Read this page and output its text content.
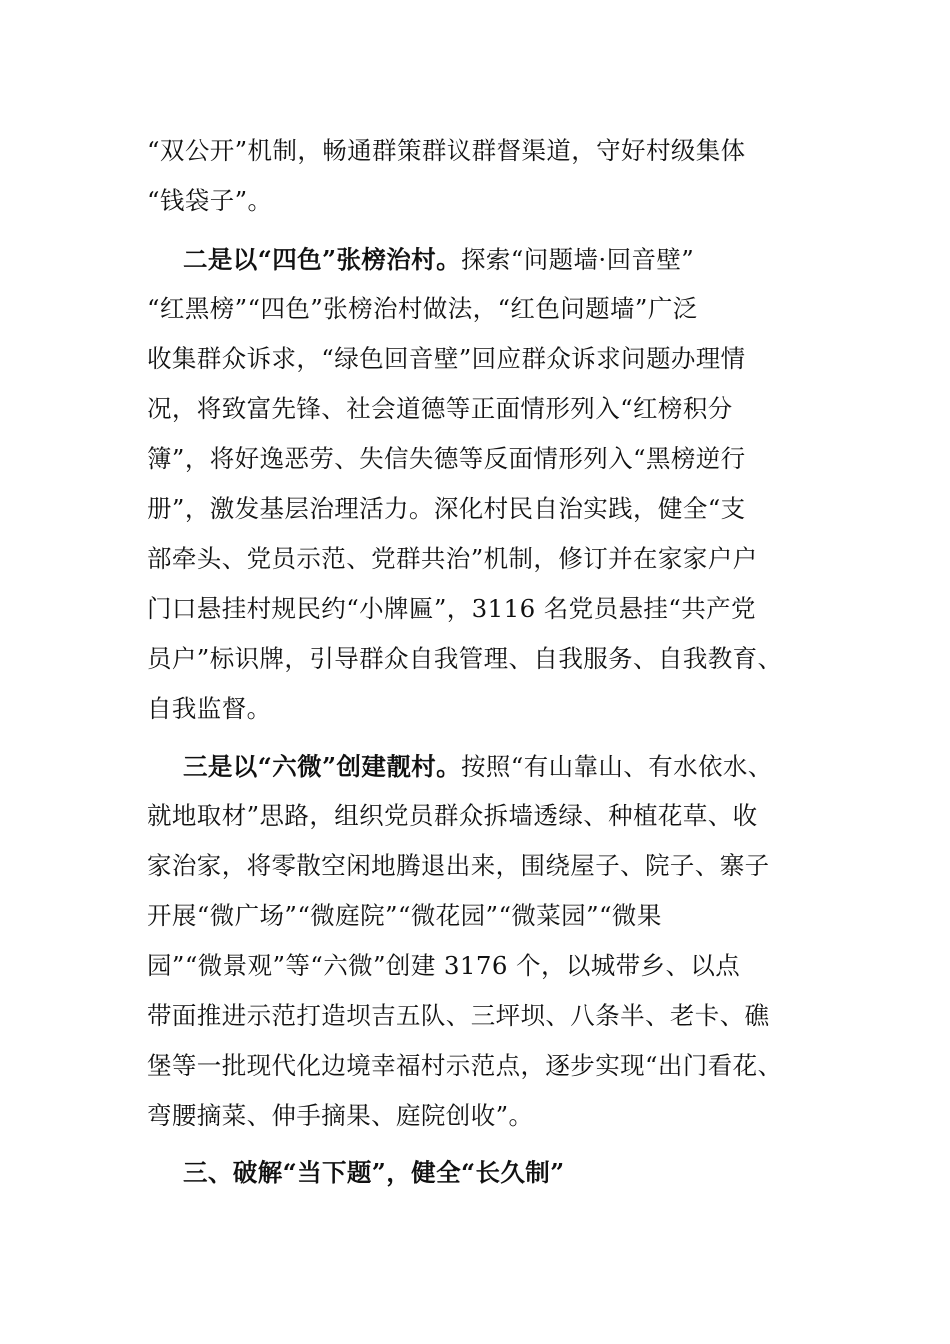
“双公开”机制，畅通群策群议群督渠道，守好村级集体
“钱袋子”。
二是以“四色”张榜治村。探索“问题墙·回音壁”
“红黑榜”“四色”张榜治村做法，“红色问题墙”广泛
收集群众诉求，“绿色回音壁”回应群众诉求问题办理情
况，将致富先锋、社会道德等正面情形列入“红榜积分
簿”，将好逸恶劳、失信失德等反面情形列入“黑榜逆行
册”，激发基层治理活力。深化村民自治实践，健全“支
部牵头、党员示范、党群共治”机制，修订并在家家户户
门口悬挂村规民约“小牌匾”，3116 名党员悬挂“共产党
员户”标识牌，引导群众自我管理、自我服务、自我教育、
自我监督。
三是以“六微”创建靓村。按照“有山靠山、有水依水、
就地取材”思路，组织党员群众拆墙透绿、种植花草、收
家治家，将零散空闲地腾退出来，围绕屋子、院子、寨子
开展“微广场”“微庭院”“微花园”“微菜园”“微果
园”“微景观”等“六微”创建 3176 个，以城带乡、以点
带面推进示范打造坝吉五队、三坪坝、八条半、老卡、礁
堡等一批现代化边境幸福村示范点，逐步实现“出门看花、
弯腰摘菜、伸手摘果、庭院创收”。
三、破解“当下题”，健全“长久制”
